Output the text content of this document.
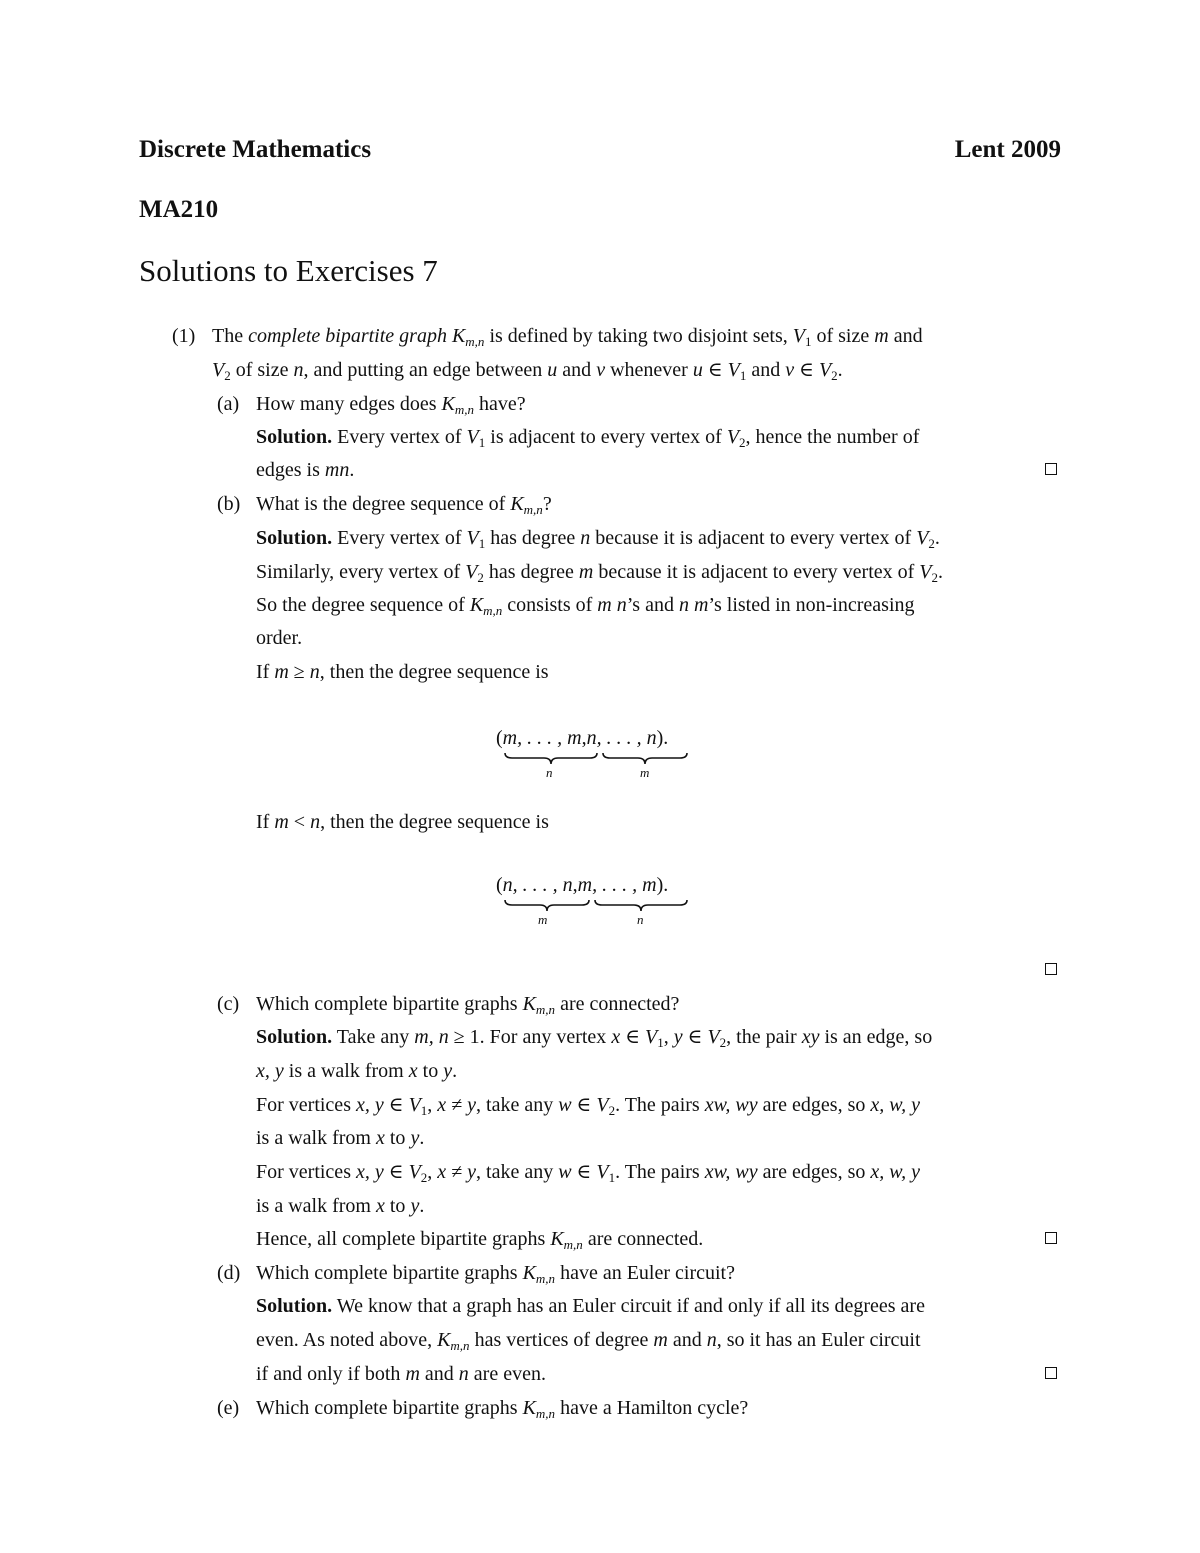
Discrete Mathematics	Lent 2009
MA210
Solutions to Exercises 7
(1) The complete bipartite graph $K_{m,n}$ is defined by taking two disjoint sets, $V_1$ of size m and
$V_2$ of size n, and putting an edge between u and v whenever u ∈ $V_1$ and v ∈ $V_2$.
(a) How many edges does $K_{m,n}$ have?
Solution. Every vertex of $V_1$ is adjacent to every vertex of $V_2$, hence the number of
edges is mn.
(b) What is the degree sequence of $K_{m,n}$?
Solution. Every vertex of $V_1$ has degree n because it is adjacent to every vertex of $V_2$.
Similarly, every vertex of $V_2$ has degree m because it is adjacent to every vertex of $V_2$.
So the degree sequence of $K_{m,n}$ consists of m n’s and n m’s listed in non-increasing
order.
If m ≥ n, then the degree sequence is
(m, . . . , m,n, . . . , n).
n	m
If m < n, then the degree sequence is
(n, . . . , n,m, . . . , m).
m	n
(c) Which complete bipartite graphs $K_{m,n}$ are connected?
Solution. Take any m, n ≥ 1. For any vertex x ∈ $V_1$, y ∈ $V_2$, the pair xy is an edge, so
x, y is a walk from x to y.
For vertices x, y ∈ $V_1$, x ≠ y, take any w ∈ $V_2$. The pairs xw, wy are edges, so x, w, y
is a walk from x to y.
For vertices x, y ∈ $V_2$, x ≠ y, take any w ∈ $V_1$. The pairs xw, wy are edges, so x, w, y
is a walk from x to y.
Hence, all complete bipartite graphs $K_{m,n}$ are connected.
(d) Which complete bipartite graphs $K_{m,n}$ have an Euler circuit?
Solution. We know that a graph has an Euler circuit if and only if all its degrees are
even. As noted above, $K_{m,n}$ has vertices of degree m and n, so it has an Euler circuit
if and only if both m and n are even.
(e) Which complete bipartite graphs $K_{m,n}$ have a Hamilton cycle?
